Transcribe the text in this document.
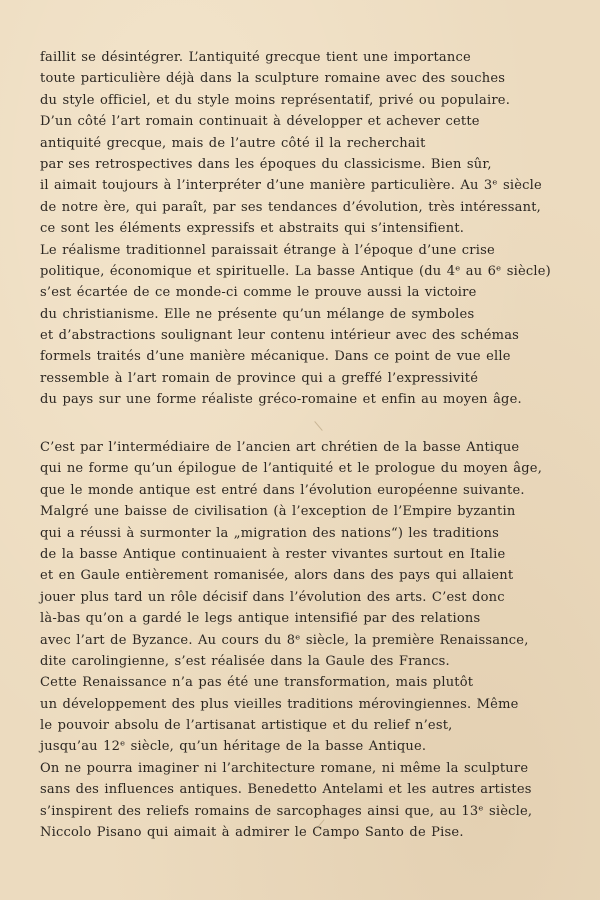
faillit se désintégrer. L’antiquité grecque tient une importance
toute particulière déjà dans la sculpture romaine avec des souches
du style officiel, et du style moins représentatif, privé ou populaire.
D’un côté l’art romain continuait à développer et achever cette
antiquité grecque, mais de l’autre côté il la recherchait
par ses retrospectives dans les époques du classicisme. Bien sûr,
il aimait toujours à l’interpréter d’une manière particulière. Au 3ᵉ siècle
de notre ère, qui paraît, par ses tendances d’évolution, très intéressant,
ce sont les éléments expressifs et abstraits qui s’intensifient.
Le réalisme traditionnel paraissait étrange à l’époque d’une crise
politique, économique et spirituelle. La basse Antique (du 4ᵉ au 6ᵉ siècle)
s’est écartée de ce monde-ci comme le prouve aussi la victoire
du christianisme. Elle ne présente qu’un mélange de symboles
et d’abstractions soulignant leur contenu intérieur avec des schémas
formels traités d’une manière mécanique. Dans ce point de vue elle
ressemble à l’art romain de province qui a greffé l’expressivité
du pays sur une forme réaliste gréco-romaine et enfin au moyen âge.
C’est par l’intermédiaire de l’ancien art chrétien de la basse Antique
qui ne forme qu’un épilogue de l’antiquité et le prologue du moyen âge,
que le monde antique est entré dans l’évolution européenne suivante.
Malgré une baisse de civilisation (à l’exception de l’Empire byzantin
qui a réussi à surmonter la „migration des nations“) les traditions
de la basse Antique continuaient à rester vivantes surtout en Italie
et en Gaule entièrement romanisée, alors dans des pays qui allaient
jouer plus tard un rôle décisif dans l’évolution des arts. C’est donc
là-bas qu’on a gardé le legs antique intensifié par des relations
avec l’art de Byzance. Au cours du 8ᵉ siècle, la première Renaissance,
dite carolingienne, s’est réalisée dans la Gaule des Francs.
Cette Renaissance n’a pas été une transformation, mais plutôt
un développement des plus vieilles traditions mérovingiennes. Même
le pouvoir absolu de l’artisanat artistique et du relief n’est,
jusqu’au 12ᵉ siècle, qu’un héritage de la basse Antique.
On ne pourra imaginer ni l’architecture romane, ni même la sculpture
sans des influences antiques. Benedetto Antelami et les autres artistes
s’inspirent des reliefs romains de sarcophages ainsi que, au 13ᵉ siècle,
Niccolo Pisano qui aimait à admirer le Campo Santo de Pise.
